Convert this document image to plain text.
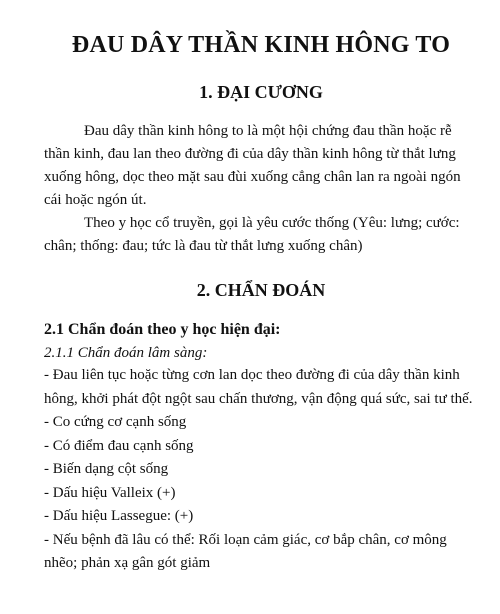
ĐAU DÂY THẦN KINH HÔNG TO
1. ĐẠI CƯƠNG

Đau dây thần kinh hông to là một hội chứng đau thần hoặc rễ thần kinh, đau lan theo đường đi của dây thần kinh hông từ thắt lưng xuống hông, dọc theo mặt sau đùi xuống cẳng chân lan ra ngoài ngón cái hoặc ngón út.

Theo y học cổ truyền, gọi là yêu cước thống (Yêu: lưng; cước: chân; thống: đau; tức là đau từ thắt lưng xuống chân)

2. CHẨN ĐOÁN
2.1 Chẩn đoán theo y học hiện đại:
2.1.1 Chẩn đoán lâm sàng:
- Đau liên tục hoặc từng cơn lan dọc theo đường đi của dây thần kinh hông, khởi phát đột ngột sau chấn thương, vận động quá sức, sai tư thế.
- Co cứng cơ cạnh sống
- Có điểm đau cạnh sống
- Biến dạng cột sống
- Dấu hiệu Valleix (+)
- Dấu hiệu Lassegue: (+)
- Nếu bệnh đã lâu có thể: Rối loạn cảm giác, cơ bắp chân, cơ mông nhẽo; phản xạ gân gót giảm
